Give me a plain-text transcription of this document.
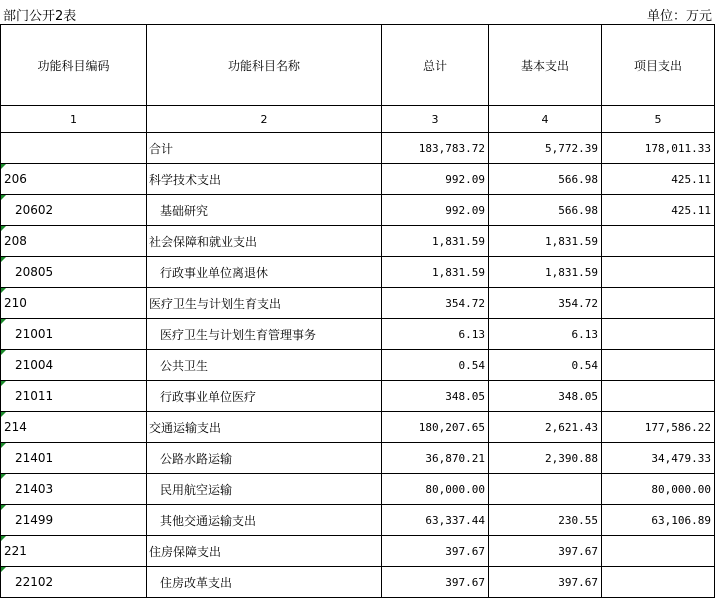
部门公开2表	单位：万元
功能科目编码	功能科目名称	总计	基本支出	项目支出
1	2	3	4	5
	合计	183,783.72	5,772.39	178,011.33

206	科学技术支出	992.09	566.98	425.11

20602	基础研究	992.09	566.98	425.11

208	社会保障和就业支出	1,831.59	1,831.59	

20805	行政事业单位离退休	1,831.59	1,831.59	

210	医疗卫生与计划生育支出	354.72	354.72	

21001	医疗卫生与计划生育管理事务	6.13	6.13	

21004	公共卫生	0.54	0.54	

21011	行政事业单位医疗	348.05	348.05	

214	交通运输支出	180,207.65	2,621.43	177,586.22

21401	公路水路运输	36,870.21	2,390.88	34,479.33

21403	民用航空运输	80,000.00		80,000.00

21499	其他交通运输支出	63,337.44	230.55	63,106.89

221	住房保障支出	397.67	397.67	

22102	住房改革支出	397.67	397.67	
